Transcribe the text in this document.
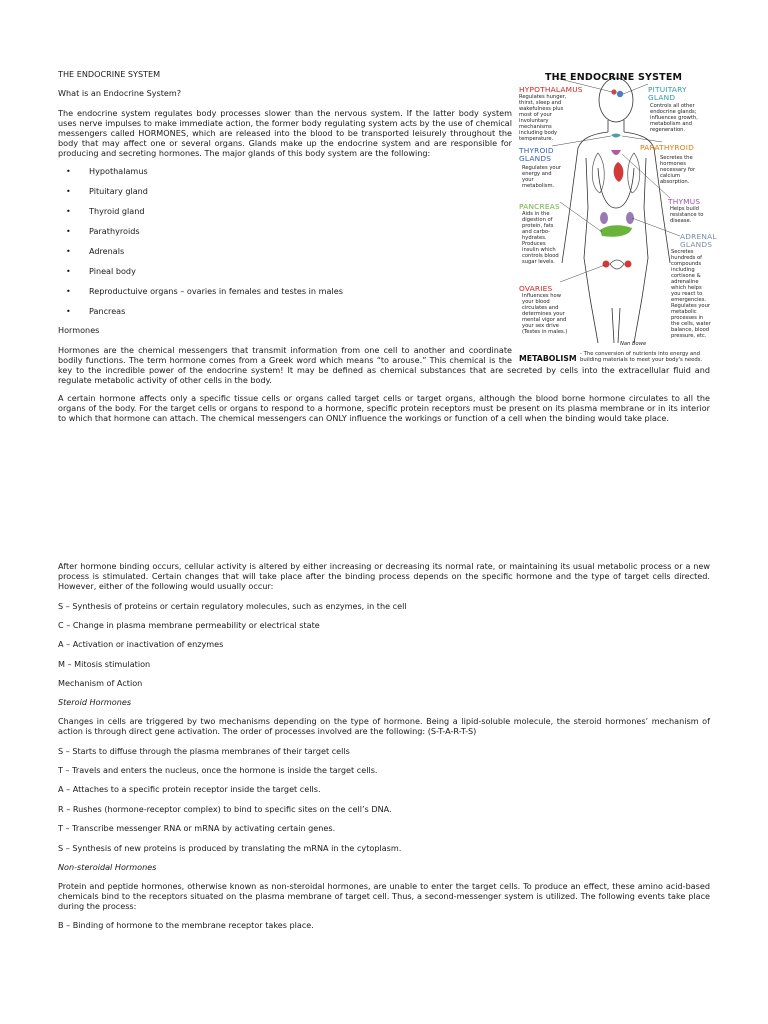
THE ENDOCRINE SYSTEM

What is an Endocrine System?

The endocrine system regulates body processes slower than the nervous system. If the latter body system uses nerve impulses to make immediate action, the former body regulating system acts by the use of chemical messengers called HORMONES, which are released into the blood to be transported leisurely throughout the body that may affect one or several organs. Glands make up the endocrine system and are responsible for producing and secreting hormones. The major glands of this body system are the following:

• Hypothalamus

• Pituitary gland

• Thyroid gland

• Parathyroids

• Adrenals

• Pineal body

• Reproductuive organs – ovaries in females and testes in males

• Pancreas

Hormones

Hormones are the chemical messengers that transmit information from one cell to another and coordinate
bodily functions. The term hormone comes from a Greek word which means “to arouse.” This chemical is the

key to the incredible power of the endocrine system! It may be defined as chemical substances that are secreted by cells into the extracellular fluid and regulate metabolic activity of other cells in the body.

A certain hormone affects only a specific tissue cells or organs called target cells or target organs, although the blood borne hormone circulates to all the organs of the body. For the target cells or organs to respond to a hormone, specific protein receptors must be present on its plasma membrane or in its interior to which that hormone can attach. The chemical messengers can ONLY influence the workings or function of a cell when the binding would take place.

After hormone binding occurs, cellular activity is altered by either increasing or decreasing its normal rate, or maintaining its usual metabolic process or a new process is stimulated. Certain changes that will take place after the binding process depends on the specific hormone and the type of target cells directed. However, either of the following would usually occur:

S – Synthesis of proteins or certain regulatory molecules, such as enzymes, in the cell

C – Change in plasma membrane permeability or electrical state

A – Activation or inactivation of enzymes

M – Mitosis stimulation

Mechanism of Action

Steroid Hormones

Changes in cells are triggered by two mechanisms depending on the type of hormone. Being a lipid-soluble molecule, the steroid hormones’ mechanism of action is through direct gene activation. The order of processes involved are the following: (S-T-A-R-T-S)

S – Starts to diffuse through the plasma membranes of their target cells

T – Travels and enters the nucleus, once the hormone is inside the target cells.

A – Attaches to a specific protein receptor inside the target cells.

R – Rushes (hormone-receptor complex) to bind to specific sites on the cell’s DNA.

T – Transcribe messenger RNA or mRNA by activating certain genes.

S – Synthesis of new proteins is produced by translating the mRNA in the cytoplasm.

Non-steroidal Hormones

Protein and peptide hormones, otherwise known as non-steroidal hormones, are unable to enter the target cells. To produce an effect, these amino acid-based chemicals bind to the receptors situated on the plasma membrane of target cell. Thus, a second-messenger system is utilized. The following events take place during the process:

B – Binding of hormone to the membrane receptor takes place.

THE ENDOCRINE SYSTEM

HYPOTHALAMUS

Regulates hunger, thirst, sleep and wakefulness plus most of your involuntary mechanisms including body temperature.

PITUITARY GLAND

Controls all other endocrine glands; influences growth, metabolism and regeneration.

THYROID GLANDS

Regulates your energy and your metabolism.

PARATHYROID

Secretes the hormones necessary for calcium absorption.

THYMUS

Helps build resistance to disease.

PANCREAS

Aids in the digestion of protein, fats and carbo-hydrates. Produces insulin which controls blood sugar levels.

ADRENAL GLANDS

Secretes hundreds of compounds including cortisone & adrenaline which helps you react to emergencies. Regulates your metabolic processes in the cells, water balance, blood pressure, etc.

OVARIES

Influences how your blood circulates and determines your mental vigor and your sex drive (Testes in males.)

Nan Bowe

METABOLISM - The conversion of nutrients into energy and building materials to meet your body's needs.
